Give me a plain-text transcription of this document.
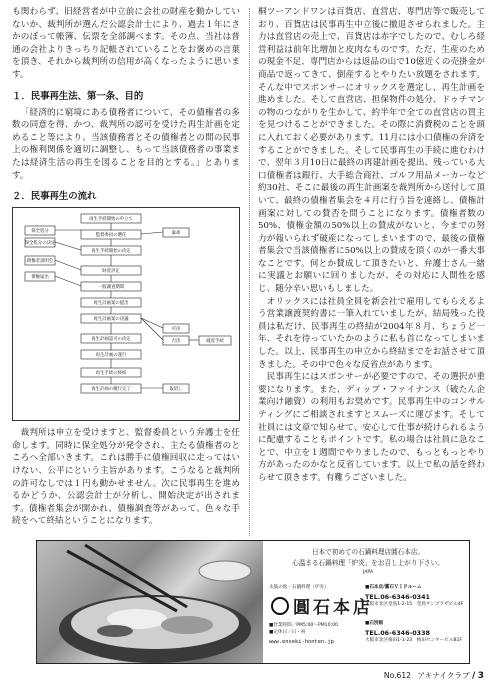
も関わらず、旧経営者が中立前に会社の財産を動かしていないか、裁判所が選んだ公認会計士により、過去１年にさかのぼって帳簿、伝票を全部調べます。その点、当社は普通の会社よりきっちり記帳されていることをお褒めの言葉を頂き、それから裁判所の信用が高くなったように思います。

１．民事再生法、第一条、目的

「経済的に窮境にある債務者について、その債権者の多数の同意を得、かつ、裁判所の認可を受けた再生計画を定めること等により、当該債務者とその債権者との間の民事上の権利関係を適切に調整し、もって当該債務者の事業または経済生活の再生を図ることを目的とする。」とあります。

２．民事再生の流れ
再生手続開始の申立て
保全処分
監督委員の選任
保全処分の決定
再生手続開始の決定
債権者説明会
債権届出
財産評定
一般調査期間
再生計画案の提出
再生計画案の決議
可決
否決
再生計画認可の決定
再生計画の遂行
再生手続の終結
再生計画の履行完了
破産手続
棄却
取消し

裁判所は申立を受けますと、監督委員という弁護士を任命します。同時に保全処分が発令され、主たる債権者のところへ全部いきます。これは勝手に債権回収に走ってはいけない、公平にという主旨があります。こうなると裁判所の許可なしでは１円も動かせません。次に民事再生を進めるかどうか、公認会計士が分析し、開始決定が出されます。債権者集会が開かれ、債権調査等があって、色々な手続をへて終結ということになります。

桐ツーアンドワンは百貨店、直営店、専門店等で販売しており、百貨店は民事再生中立後に撤退させられました。主力は直営店の売上で、百貨店は赤字でしたので、むしろ経営利益は前年比増加と皮肉なものです。ただ、生産のための現金不足、専門店からは返品の山で10億近くの売掛金が商品で返ってきて、倒産するとやりたい放題をされます。そんな中でスポンサーにオリックスを選定し、再生計画を進めました。そして直営店、担保物件の処分、ドゥチマンの物のつながりを生かして、約半年で全ての直営店の買主を見つけることができました。その際に消費税のことを頭に入れておく必要があります。11月には小口債権の弁済をすることができました。そして民事再生の手続に進むわけで、翌年３月10日に最終の再建計画を提出、残っている大口債権者は銀行、大手総合商社、ゴルフ用品メーカーなど約30社、そこに最後の再生計画案を裁判所から送付して頂いて、最終の債権者集会を４月に行う旨を連絡し、債権計画案に対しての賛否を問うことになります。債権者数の50%、債権金額の50%以上の賛成がないと、今までの努力が報いられず破産になってしまいますので、最後の債権者集会で当該債権者に50%以上の賛成を頂くのが一番大事なことです。何とか賛成して頂きたいと、弁護士さん一緒に実議とお願いに回りましたが、その対応に人間性を感じ、随分辛い思いもしました。

オリックスには社員全員を新会社で雇用してもらえるよう営業譲渡契約書に一筆入れていましたが、結局残った役員は私だけ、民事再生の終結が2004年８月、ちょうど一年、それを待っていたかのように私も首になってしまいました。以上、民事再生の申立から終結までをお話させて頂きました。その中で色々な反省点があります。

民事再生にはスポンサーが必要ですので、その選択が重要になります。また、ディップ・ファイナンス（破たん企業向け融資）の利用もお奨めです。民事再生中のコンサルティングにご相談されますとスムーズに運びます。そして社員には文章で知らせて、安心して仕事が続けられるように配慮することもポイントです。私の場合は社員に急なことで、中立を１週間でやりましたので、もっともっとやり方があったのかなと反省しています。以上で私の話を終わらせて頂きます。有難うございました。

日本で初めての石鍋料理店圓石本店。
心温まる石鍋料理「炉炎」をお召し上がり下さい。
JAPA
太鼓の他・石鍋料理（炉炎）
圓石本店
■営業時間／PM5:00～PM10:00
■定休日／日・祝
www.enseki-honten.jp
■石本店/圓石ＶＩＰルーム
TEL.06-6346-0341
大阪市北区堂島1-2-15　堂島サンプラザビル4F
■石別館
TEL.06-6346-0338
大阪市北区梅田1-1-23　梅田センタービルB1F
No.612 アキナイクラブ / 3
